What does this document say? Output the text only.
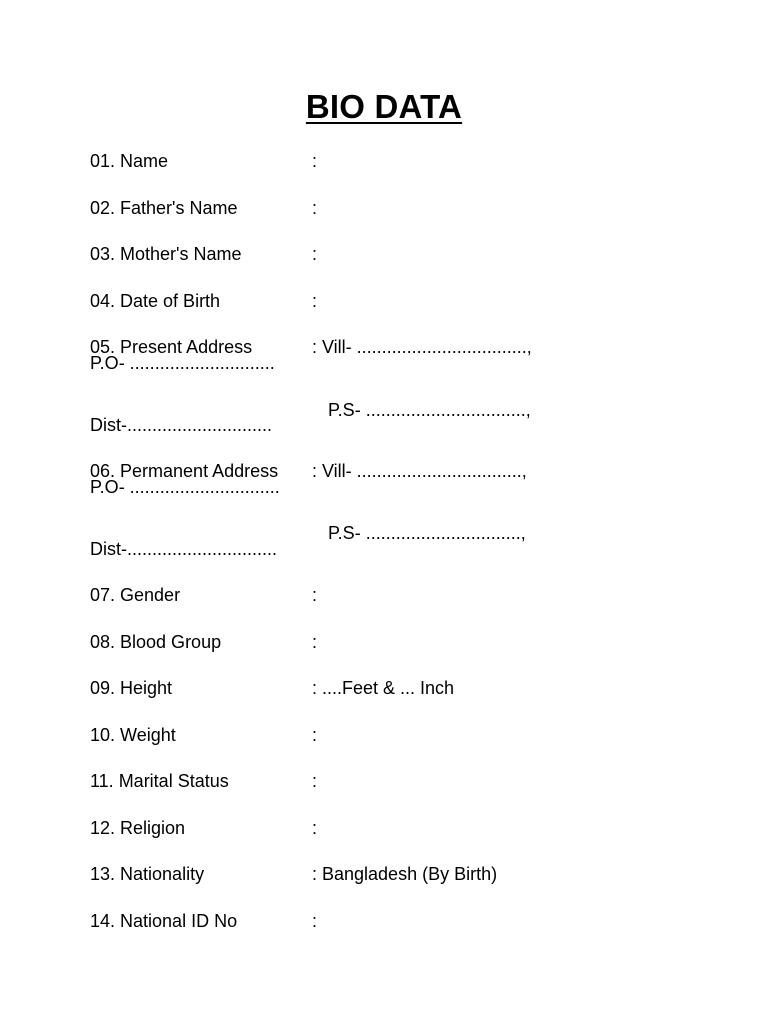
BIO DATA
01. Name	:
02. Father's Name	:
03. Mother's Name	:
04. Date of Birth	:
05. Present Address	: Vill- ..................................,
P.O- .............................
P.S- ................................,
Dist-.............................
06. Permanent Address : Vill- .................................,
P.O- ..............................
P.S- ...............................,
Dist-..............................
07. Gender	:
08. Blood Group	:
09. Height	: ....Feet & ... Inch
10. Weight	:
11. Marital Status	:
12. Religion	:
13. Nationality	: Bangladesh (By Birth)
14. National ID No	:
